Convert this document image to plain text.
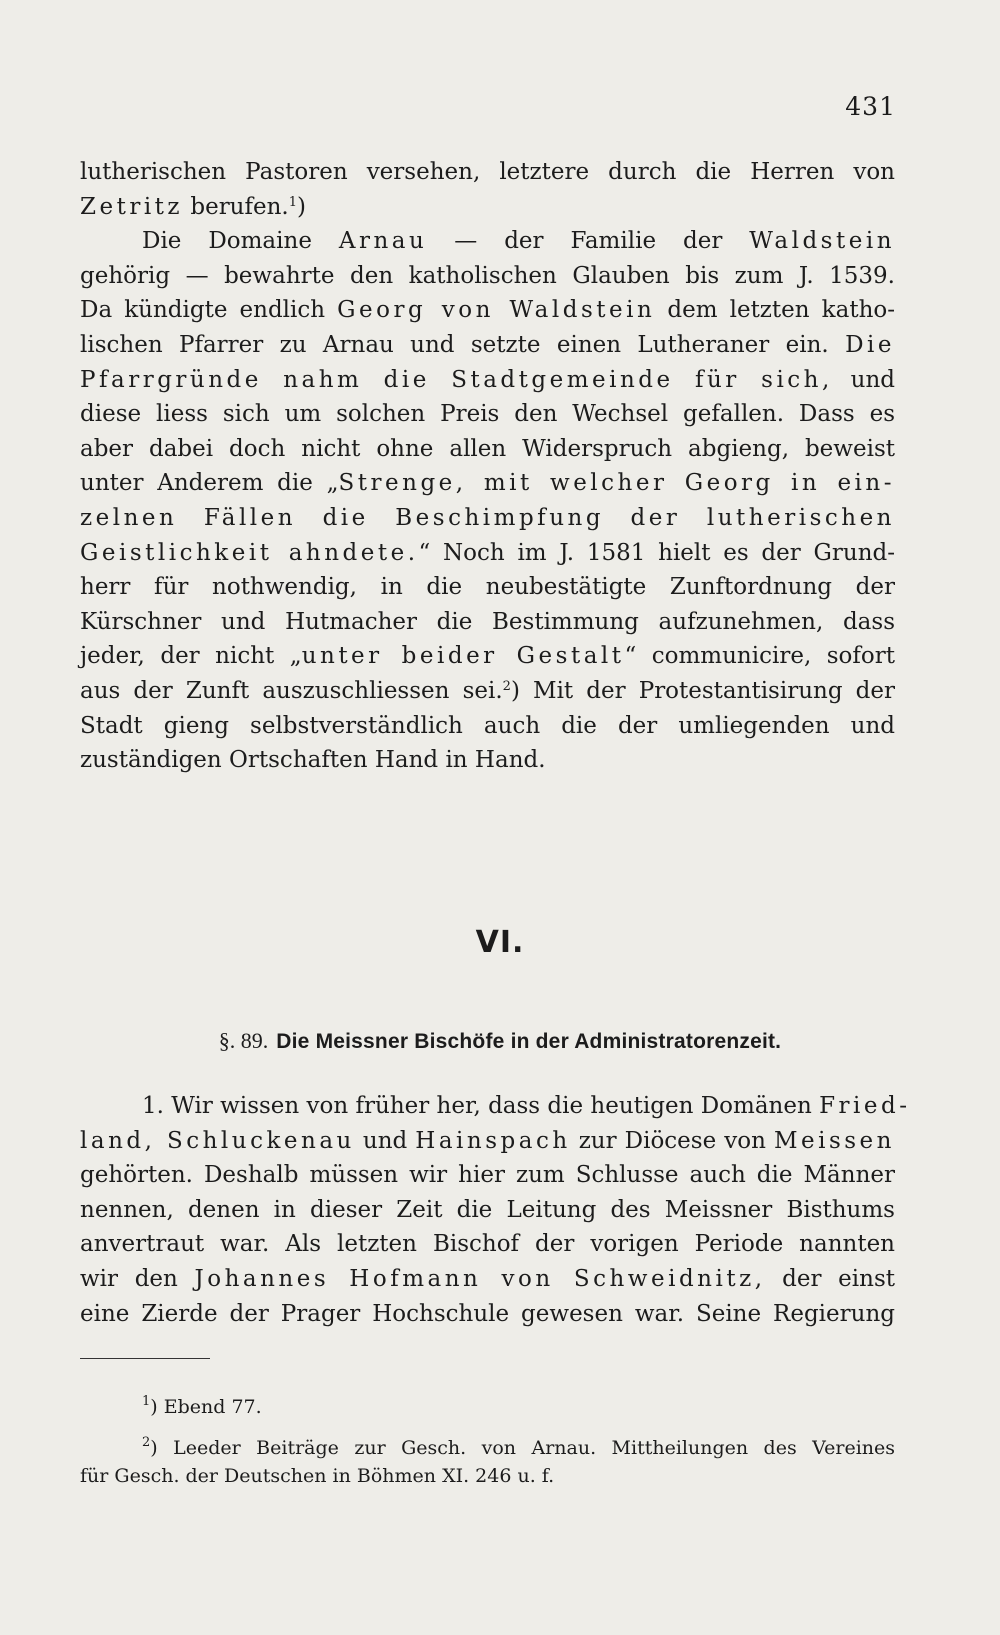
431
lutherischen Pastoren versehen, letztere durch die Herren von
Zetritz berufen.$^1$)
Die Domaine Arnau — der Familie der Waldstein
gehörig — bewahrte den katholischen Glauben bis zum J. 1539.
Da kündigte endlich Georg von Waldstein dem letzten katho-
lischen Pfarrer zu Arnau und setzte einen Lutheraner ein. Die
Pfarrgründe nahm die Stadtgemeinde für sich, und
diese liess sich um solchen Preis den Wechsel gefallen. Dass es
aber dabei doch nicht ohne allen Widerspruch abgieng, beweist
unter Anderem die „Strenge, mit welcher Georg in ein-
zelnen Fällen die Beschimpfung der lutherischen
Geistlichkeit ahndete.“ Noch im J. 1581 hielt es der Grund-
herr für nothwendig, in die neubestätigte Zunftordnung der
Kürschner und Hutmacher die Bestimmung aufzunehmen, dass
jeder, der nicht „unter beider Gestalt“ communicire, sofort
aus der Zunft auszuschliessen sei.$^2$) Mit der Protestantisirung der
Stadt gieng selbstverständlich auch die der umliegenden und
zuständigen Ortschaften Hand in Hand.
VI.
§. 89. Die Meissner Bischöfe in der Administratorenzeit.
1. Wir wissen von früher her, dass die heutigen Domänen Fried-
land, Schluckenau und Hainspach zur Diöcese von Meissen
gehörten. Deshalb müssen wir hier zum Schlusse auch die Männer
nennen, denen in dieser Zeit die Leitung des Meissner Bisthums
anvertraut war. Als letzten Bischof der vorigen Periode nannten
wir den Johannes Hofmann von Schweidnitz, der einst
eine Zierde der Prager Hochschule gewesen war. Seine Regierung
$^1$) Ebend 77.
$^2$) Leeder Beiträge zur Gesch. von Arnau. Mittheilungen des Vereines
für Gesch. der Deutschen in Böhmen XI. 246 u. f.
